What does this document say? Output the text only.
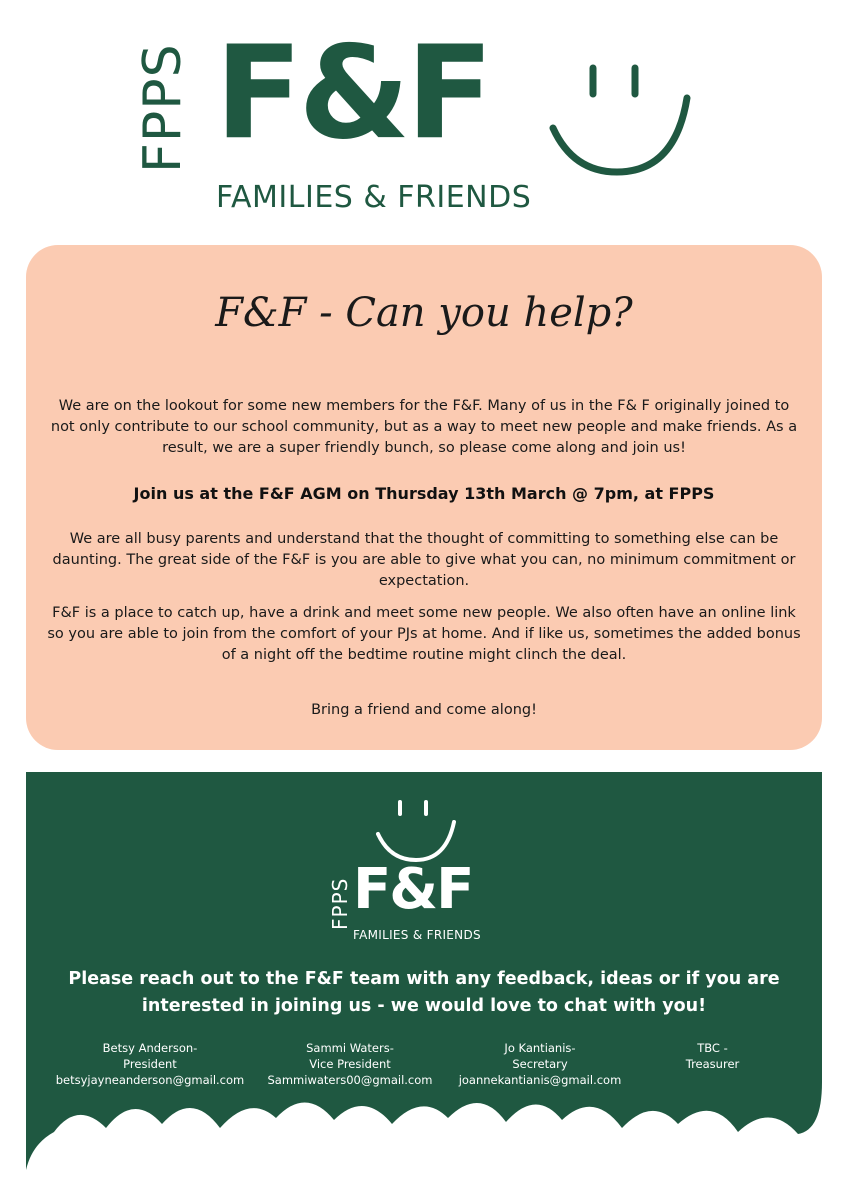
FPPS F&F
FAMILIES & FRIENDS
F&F - Can you help?
We are on the lookout for some new members for the F&F. Many of us in the F& F originally joined to not only contribute to our school community, but as a way to meet new people and make friends. As a result, we are a super friendly bunch, so please come along and join us!
Join us at the F&F AGM on Thursday 13th March @ 7pm, at FPPS
We are all busy parents and understand that the thought of committing to something else can be daunting. The great side of the F&F is you are able to give what you can, no minimum commitment or expectation.
F&F is a place to catch up, have a drink and meet some new people. We also often have an online link so you are able to join from the comfort of your PJs at home. And if like us, sometimes the added bonus of a night off the bedtime routine might clinch the deal.
Bring a friend and come along!
FPPS F&F
FAMILIES & FRIENDS
Please reach out to the F&F team with any feedback, ideas or if you are interested in joining us - we would love to chat with you!
Betsy Anderson-
President
betsyjayneanderson@gmail.com
Sammi Waters-
Vice President
Sammiwaters00@gmail.com
Jo Kantianis-
Secretary
joannekantianis@gmail.com
TBC -
Treasurer
